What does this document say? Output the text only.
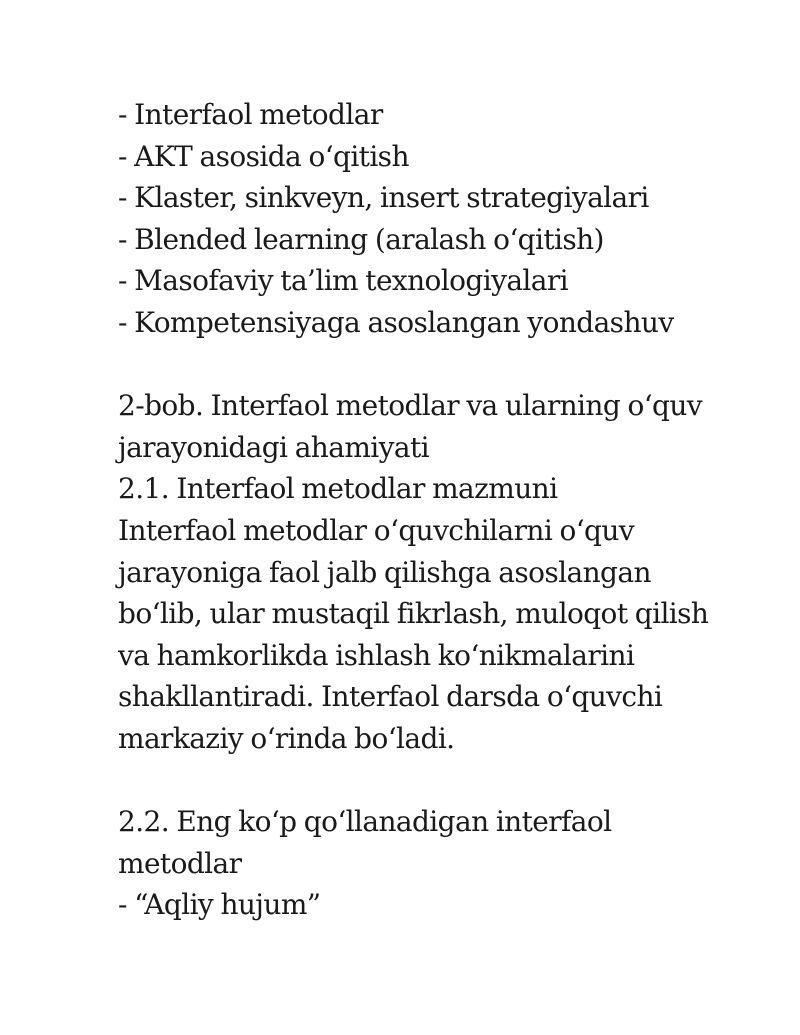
- Interfaol metodlar
- AKT asosida o‘qitish
- Klaster, sinkveyn, insert strategiyalari
- Blended learning (aralash o‘qitish)
- Masofaviy ta’lim texnologiyalari
- Kompetensiyaga asoslangan yondashuv
2-bob. Interfaol metodlar va ularning o‘quv
jarayonidagi ahamiyati
2.1. Interfaol metodlar mazmuni
Interfaol metodlar o‘quvchilarni o‘quv
jarayoniga faol jalb qilishga asoslangan
bo‘lib, ular mustaqil fikrlash, muloqot qilish
va hamkorlikda ishlash ko‘nikmalarini
shakllantiradi. Interfaol darsda o‘quvchi
markaziy o‘rinda bo‘ladi.
2.2. Eng ko‘p qo‘llanadigan interfaol
metodlar
- “Aqliy hujum”
